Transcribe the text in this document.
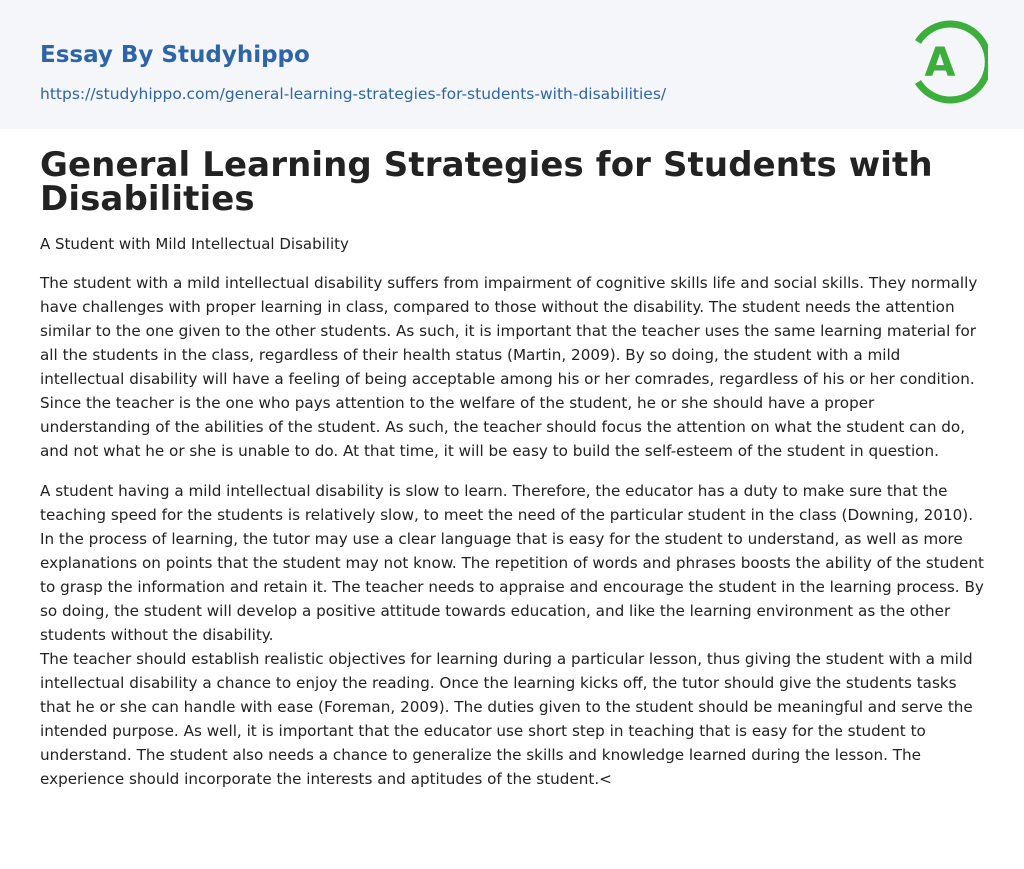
Essay By Studyhippo
https://studyhippo.com/general-learning-strategies-for-students-with-disabilities/
A
General Learning Strategies for Students with Disabilities
A Student with Mild Intellectual Disability

The student with a mild intellectual disability suffers from impairment of cognitive skills life and social skills. They normally have challenges with proper learning in class, compared to those without the disability. The student needs the attention similar to the one given to the other students. As such, it is important that the teacher uses the same learning material for all the students in the class, regardless of their health status (Martin, 2009). By so doing, the student with a mild intellectual disability will have a feeling of being acceptable among his or her comrades, regardless of his or her condition. Since the teacher is the one who pays attention to the welfare of the student, he or she should have a proper understanding of the abilities of the student. As such, the teacher should focus the attention on what the student can do, and not what he or she is unable to do. At that time, it will be easy to build the self-esteem of the student in question.

A student having a mild intellectual disability is slow to learn. Therefore, the educator has a duty to make sure that the teaching speed for the students is relatively slow, to meet the need of the particular student in the class (Downing, 2010). In the process of learning, the tutor may use a clear language that is easy for the student to understand, as well as more explanations on points that the student may not know. The repetition of words and phrases boosts the ability of the student to grasp the information and retain it. The teacher needs to appraise and encourage the student in the learning process. By so doing, the student will develop a positive attitude towards education, and like the learning environment as the other students without the disability.

The teacher should establish realistic objectives for learning during a particular lesson, thus giving the student with a mild intellectual disability a chance to enjoy the reading. Once the learning kicks off, the tutor should give the students tasks that he or she can handle with ease (Foreman, 2009). The duties given to the student should be meaningful and serve the intended purpose. As well, it is important that the educator use short step in teaching that is easy for the student to understand. The student also needs a chance to generalize the skills and knowledge learned during the lesson. The experience should incorporate the interests and aptitudes of the student.<
